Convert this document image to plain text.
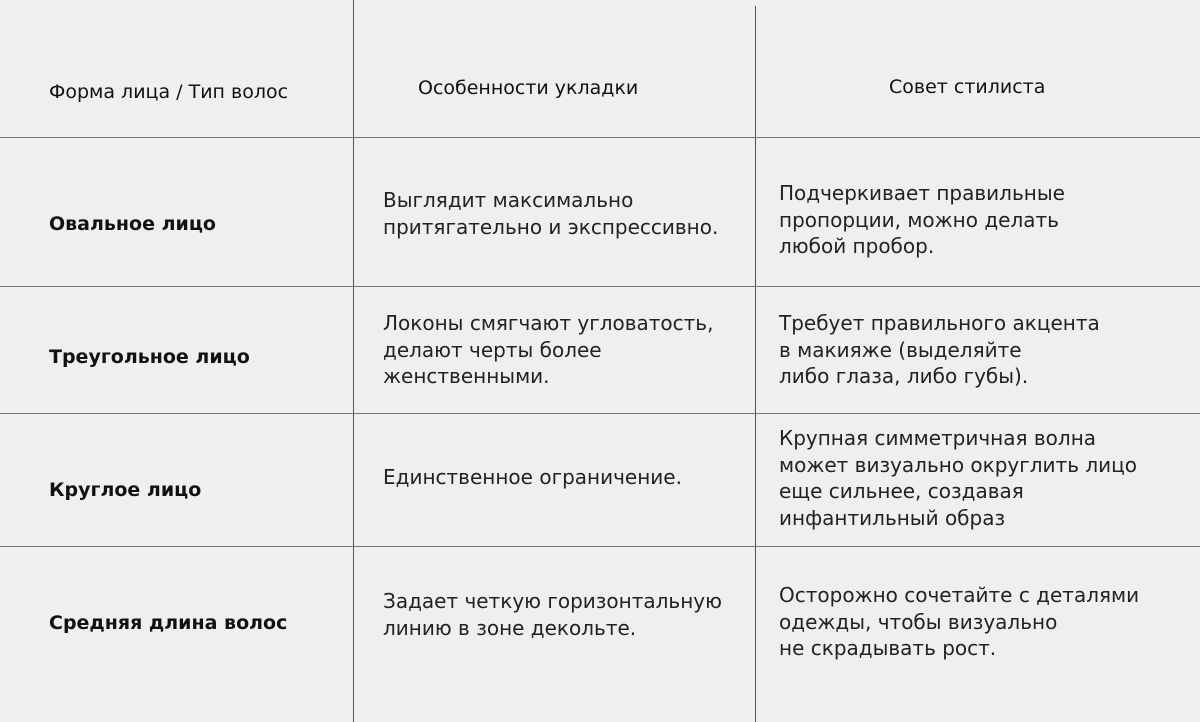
Форма лица / Тип волос	Особенности укладки	Совет стилиста

Овальное лицо

Выглядит максимально
притягательно и экспрессивно.

Подчеркивает правильные
пропорции, можно делать
любой пробор.

Треугольное лицо

Локоны смягчают угловатость,
делают черты более
женственными.

Требует правильного акцента
в макияже (выделяйте
либо глаза, либо губы).

Круглое лицо

Единственное ограничение.

Крупная симметричная волна
может визуально округлить лицо
еще сильнее, создавая
инфантильный образ

Средняя длина волос

Задает четкую горизонтальную
линию в зоне декольте.

Осторожно сочетайте с деталями
одежды, чтобы визуально
не скрадывать рост.
